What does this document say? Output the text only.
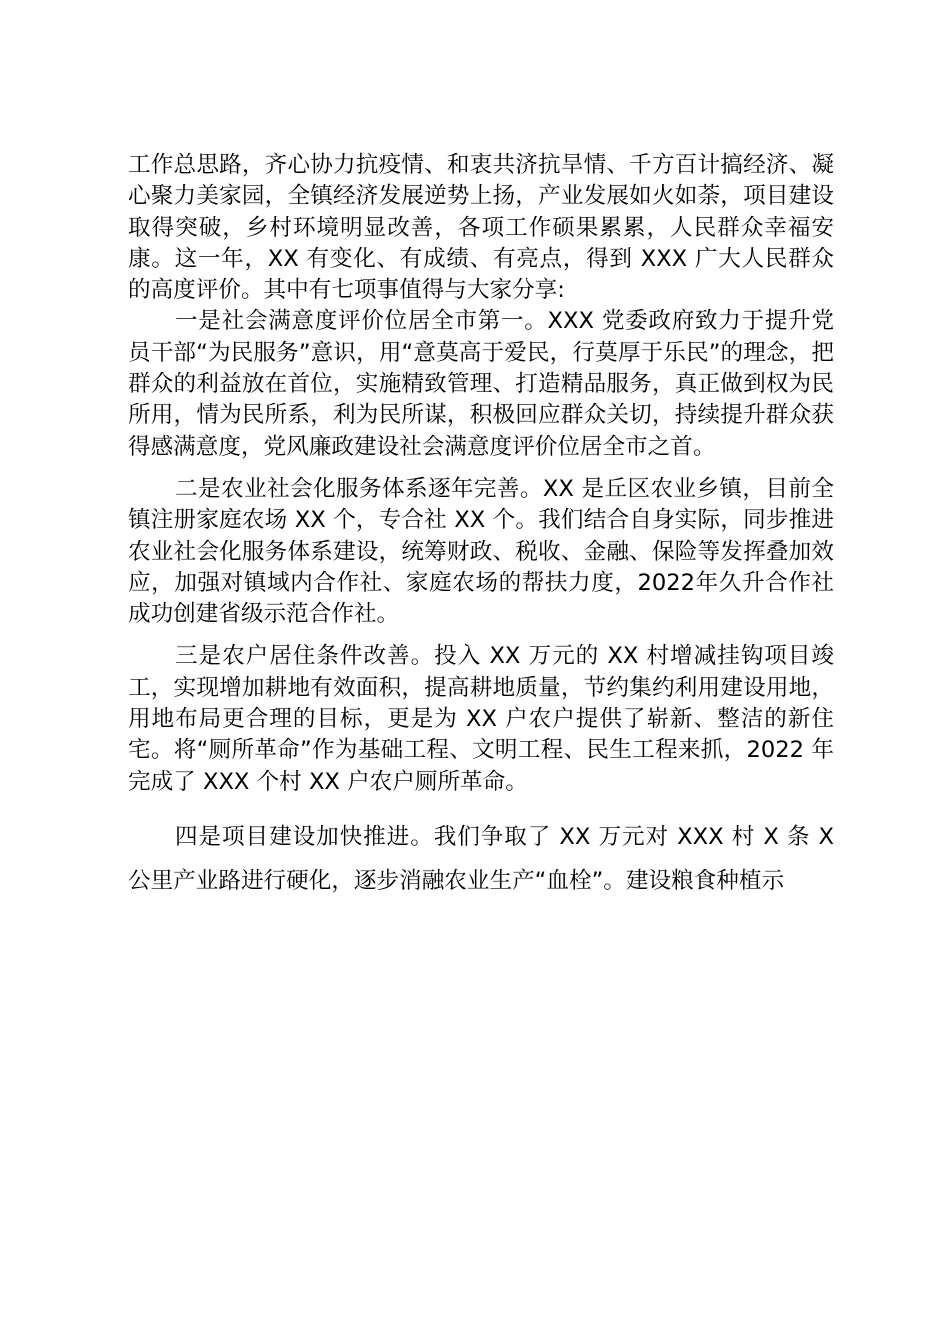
工作总思路，齐心协力抗疫情、和衷共济抗旱情、千方百计搞经济、凝心聚力美家园，全镇经济发展逆势上扬，产业发展如火如荼，项目建设取得突破，乡村环境明显改善，各项工作硕果累累，人民群众幸福安康。这一年，XX 有变化、有成绩、有亮点，得到 XXX 广大人民群众的高度评价。其中有七项事值得与大家分享:

一是社会满意度评价位居全市第一。XXX 党委政府致力于提升党员干部“为民服务”意识，用“意莫高于爱民，行莫厚于乐民”的理念，把群众的利益放在首位，实施精致管理、打造精品服务，真正做到权为民所用，情为民所系，利为民所谋，积极回应群众关切，持续提升群众获得感满意度，党风廉政建设社会满意度评价位居全市之首。

二是农业社会化服务体系逐年完善。XX 是丘区农业乡镇，目前全镇注册家庭农场 XX 个，专合社 XX 个。我们结合自身实际，同步推进农业社会化服务体系建设，统筹财政、税收、金融、保险等发挥叠加效应，加强对镇域内合作社、家庭农场的帮扶力度，2022年久升合作社成功创建省级示范合作社。

三是农户居住条件改善。投入 XX 万元的 XX 村增减挂钩项目竣工，实现增加耕地有效面积，提高耕地质量，节约集约利用建设用地，用地布局更合理的目标，更是为 XX 户农户提供了崭新、整洁的新住宅。将“厕所革命”作为基础工程、文明工程、民生工程来抓，2022 年完成了 XXX 个村 XX 户农户厕所革命。

四是项目建设加快推进。我们争取了 XX 万元对 XXX 村 X 条 X 公里产业路进行硬化，逐步消融农业生产“血栓”。建设粮食种植示
